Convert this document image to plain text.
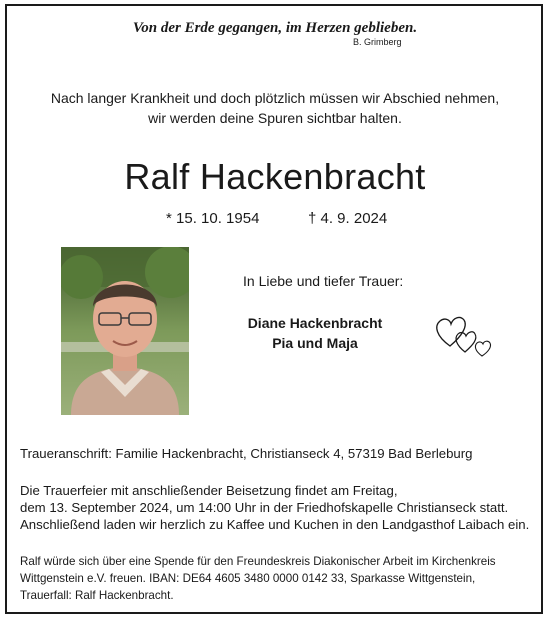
Von der Erde gegangen, im Herzen geblieben.
B. Grimberg
Nach langer Krankheit und doch plötzlich müssen wir Abschied nehmen,
wir werden deine Spuren sichtbar halten.
Ralf Hackenbracht
* 15. 10. 1954	† 4. 9. 2024
In Liebe und tiefer Trauer:
Diane Hackenbracht
Pia und Maja
Traueranschrift: Familie Hackenbracht, Christianseck 4, 57319 Bad Berleburg
Die Trauerfeier mit anschließender Beisetzung findet am Freitag,
dem 13. September 2024, um 14:00 Uhr in der Friedhofskapelle Christianseck statt.
Anschließend laden wir herzlich zu Kaffee und Kuchen in den Landgasthof Laibach ein.
Ralf würde sich über eine Spende für den Freundeskreis Diakonischer Arbeit im Kirchenkreis
Wittgenstein e.V. freuen. IBAN: DE64 4605 3480 0000 0142 33, Sparkasse Wittgenstein,
Trauerfall: Ralf Hackenbracht.
